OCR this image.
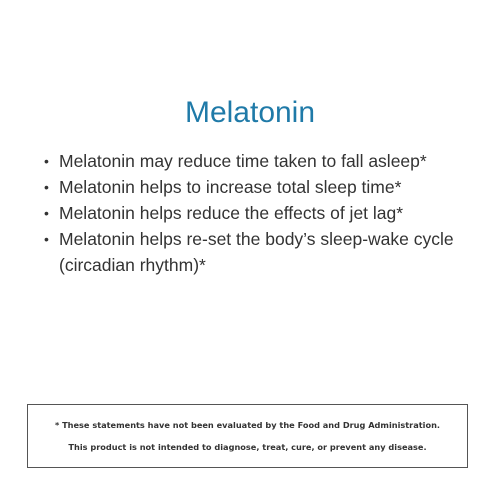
Melatonin
• Melatonin may reduce time taken to fall asleep*
• Melatonin helps to increase total sleep time*
• Melatonin helps reduce the effects of jet lag*
• Melatonin helps re-set the body’s sleep-wake cycle (circadian rhythm)*
* These statements have not been evaluated by the Food and Drug Administration.
This product is not intended to diagnose, treat, cure, or prevent any disease.
